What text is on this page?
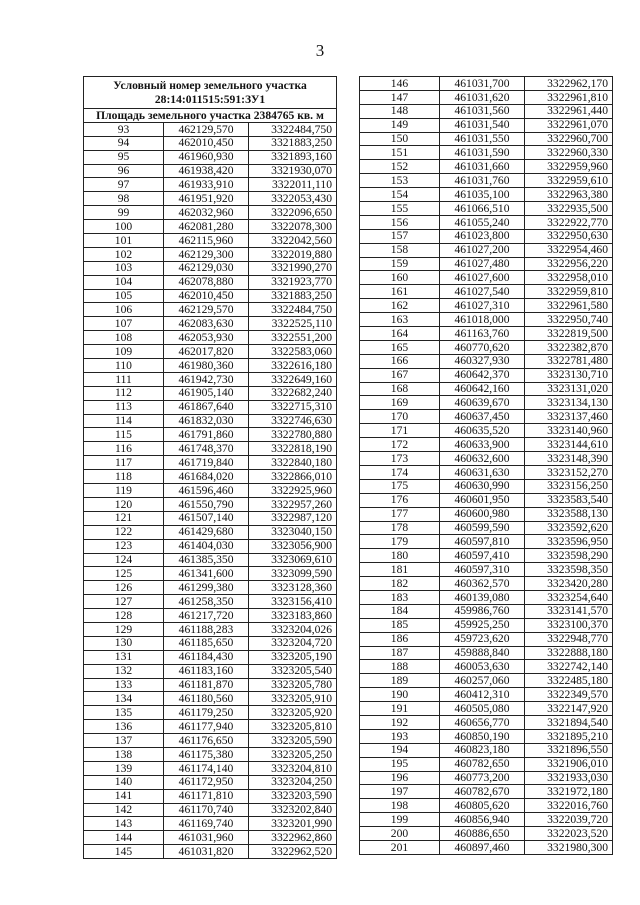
3
Условный номер земельного участка
28:14:011515:591:ЗУ1		

Площадь земельного участка 2384765 кв. м		
93	462129,570	3322484,750
94	462010,450	3321883,250
95	461960,930	3321893,160
96	461938,420	3321930,070
97	461933,910	3322011,110
98	461951,920	3322053,430
99	462032,960	3322096,650
100	462081,280	3322078,300
101	462115,960	3322042,560
102	462129,300	3322019,880
103	462129,030	3321990,270
104	462078,880	3321923,770
105	462010,450	3321883,250
106	462129,570	3322484,750
107	462083,630	3322525,110
108	462053,930	3322551,200
109	462017,820	3322583,060
110	461980,360	3322616,180
111	461942,730	3322649,160
112	461905,140	3322682,240
113	461867,640	3322715,310
114	461832,030	3322746,630
115	461791,860	3322780,880
116	461748,370	3322818,190
117	461719,840	3322840,180
118	461684,020	3322866,010
119	461596,460	3322925,960
120	461550,790	3322957,260
121	461507,140	3322987,120
122	461429,680	3323040,150
123	461404,030	3323056,900
124	461385,350	3323069,610
125	461341,600	3323099,590
126	461299,380	3323128,360
127	461258,350	3323156,410
128	461217,720	3323183,860
129	461188,283	3323204,026
130	461185,650	3323204,720
131	461184,430	3323205,190
132	461183,160	3323205,540
133	461181,870	3323205,780
134	461180,560	3323205,910
135	461179,250	3323205,920
136	461177,940	3323205,810
137	461176,650	3323205,590
138	461175,380	3323205,250
139	461174,140	3323204,810
140	461172,950	3323204,250
141	461171,810	3323203,590
142	461170,740	3323202,840
143	461169,740	3323201,990
144	461031,960	3322962,860
145	461031,820	3322962,520
146	461031,700	3322962,170
147	461031,620	3322961,810
148	461031,560	3322961,440
149	461031,540	3322961,070
150	461031,550	3322960,700
151	461031,590	3322960,330
152	461031,660	3322959,960
153	461031,760	3322959,610
154	461035,100	3322963,380
155	461066,510	3322935,500
156	461055,240	3322922,770
157	461023,800	3322950,630
158	461027,200	3322954,460
159	461027,480	3322956,220
160	461027,600	3322958,010
161	461027,540	3322959,810
162	461027,310	3322961,580
163	461018,000	3322950,740
164	461163,760	3322819,500
165	460770,620	3322382,870
166	460327,930	3322781,480
167	460642,370	3323130,710
168	460642,160	3323131,020
169	460639,670	3323134,130
170	460637,450	3323137,460
171	460635,520	3323140,960
172	460633,900	3323144,610
173	460632,600	3323148,390
174	460631,630	3323152,270
175	460630,990	3323156,250
176	460601,950	3323583,540
177	460600,980	3323588,130
178	460599,590	3323592,620
179	460597,810	3323596,950
180	460597,410	3323598,290
181	460597,310	3323598,350
182	460362,570	3323420,280
183	460139,080	3323254,640
184	459986,760	3323141,570
185	459925,250	3323100,370
186	459723,620	3322948,770
187	459888,840	3322888,180
188	460053,630	3322742,140
189	460257,060	3322485,180
190	460412,310	3322349,570
191	460505,080	3322147,920
192	460656,770	3321894,540
193	460850,190	3321895,210
194	460823,180	3321896,550
195	460782,650	3321906,010
196	460773,200	3321933,030
197	460782,670	3321972,180
198	460805,620	3322016,760
199	460856,940	3322039,720
200	460886,650	3322023,520
201	460897,460	3321980,300
